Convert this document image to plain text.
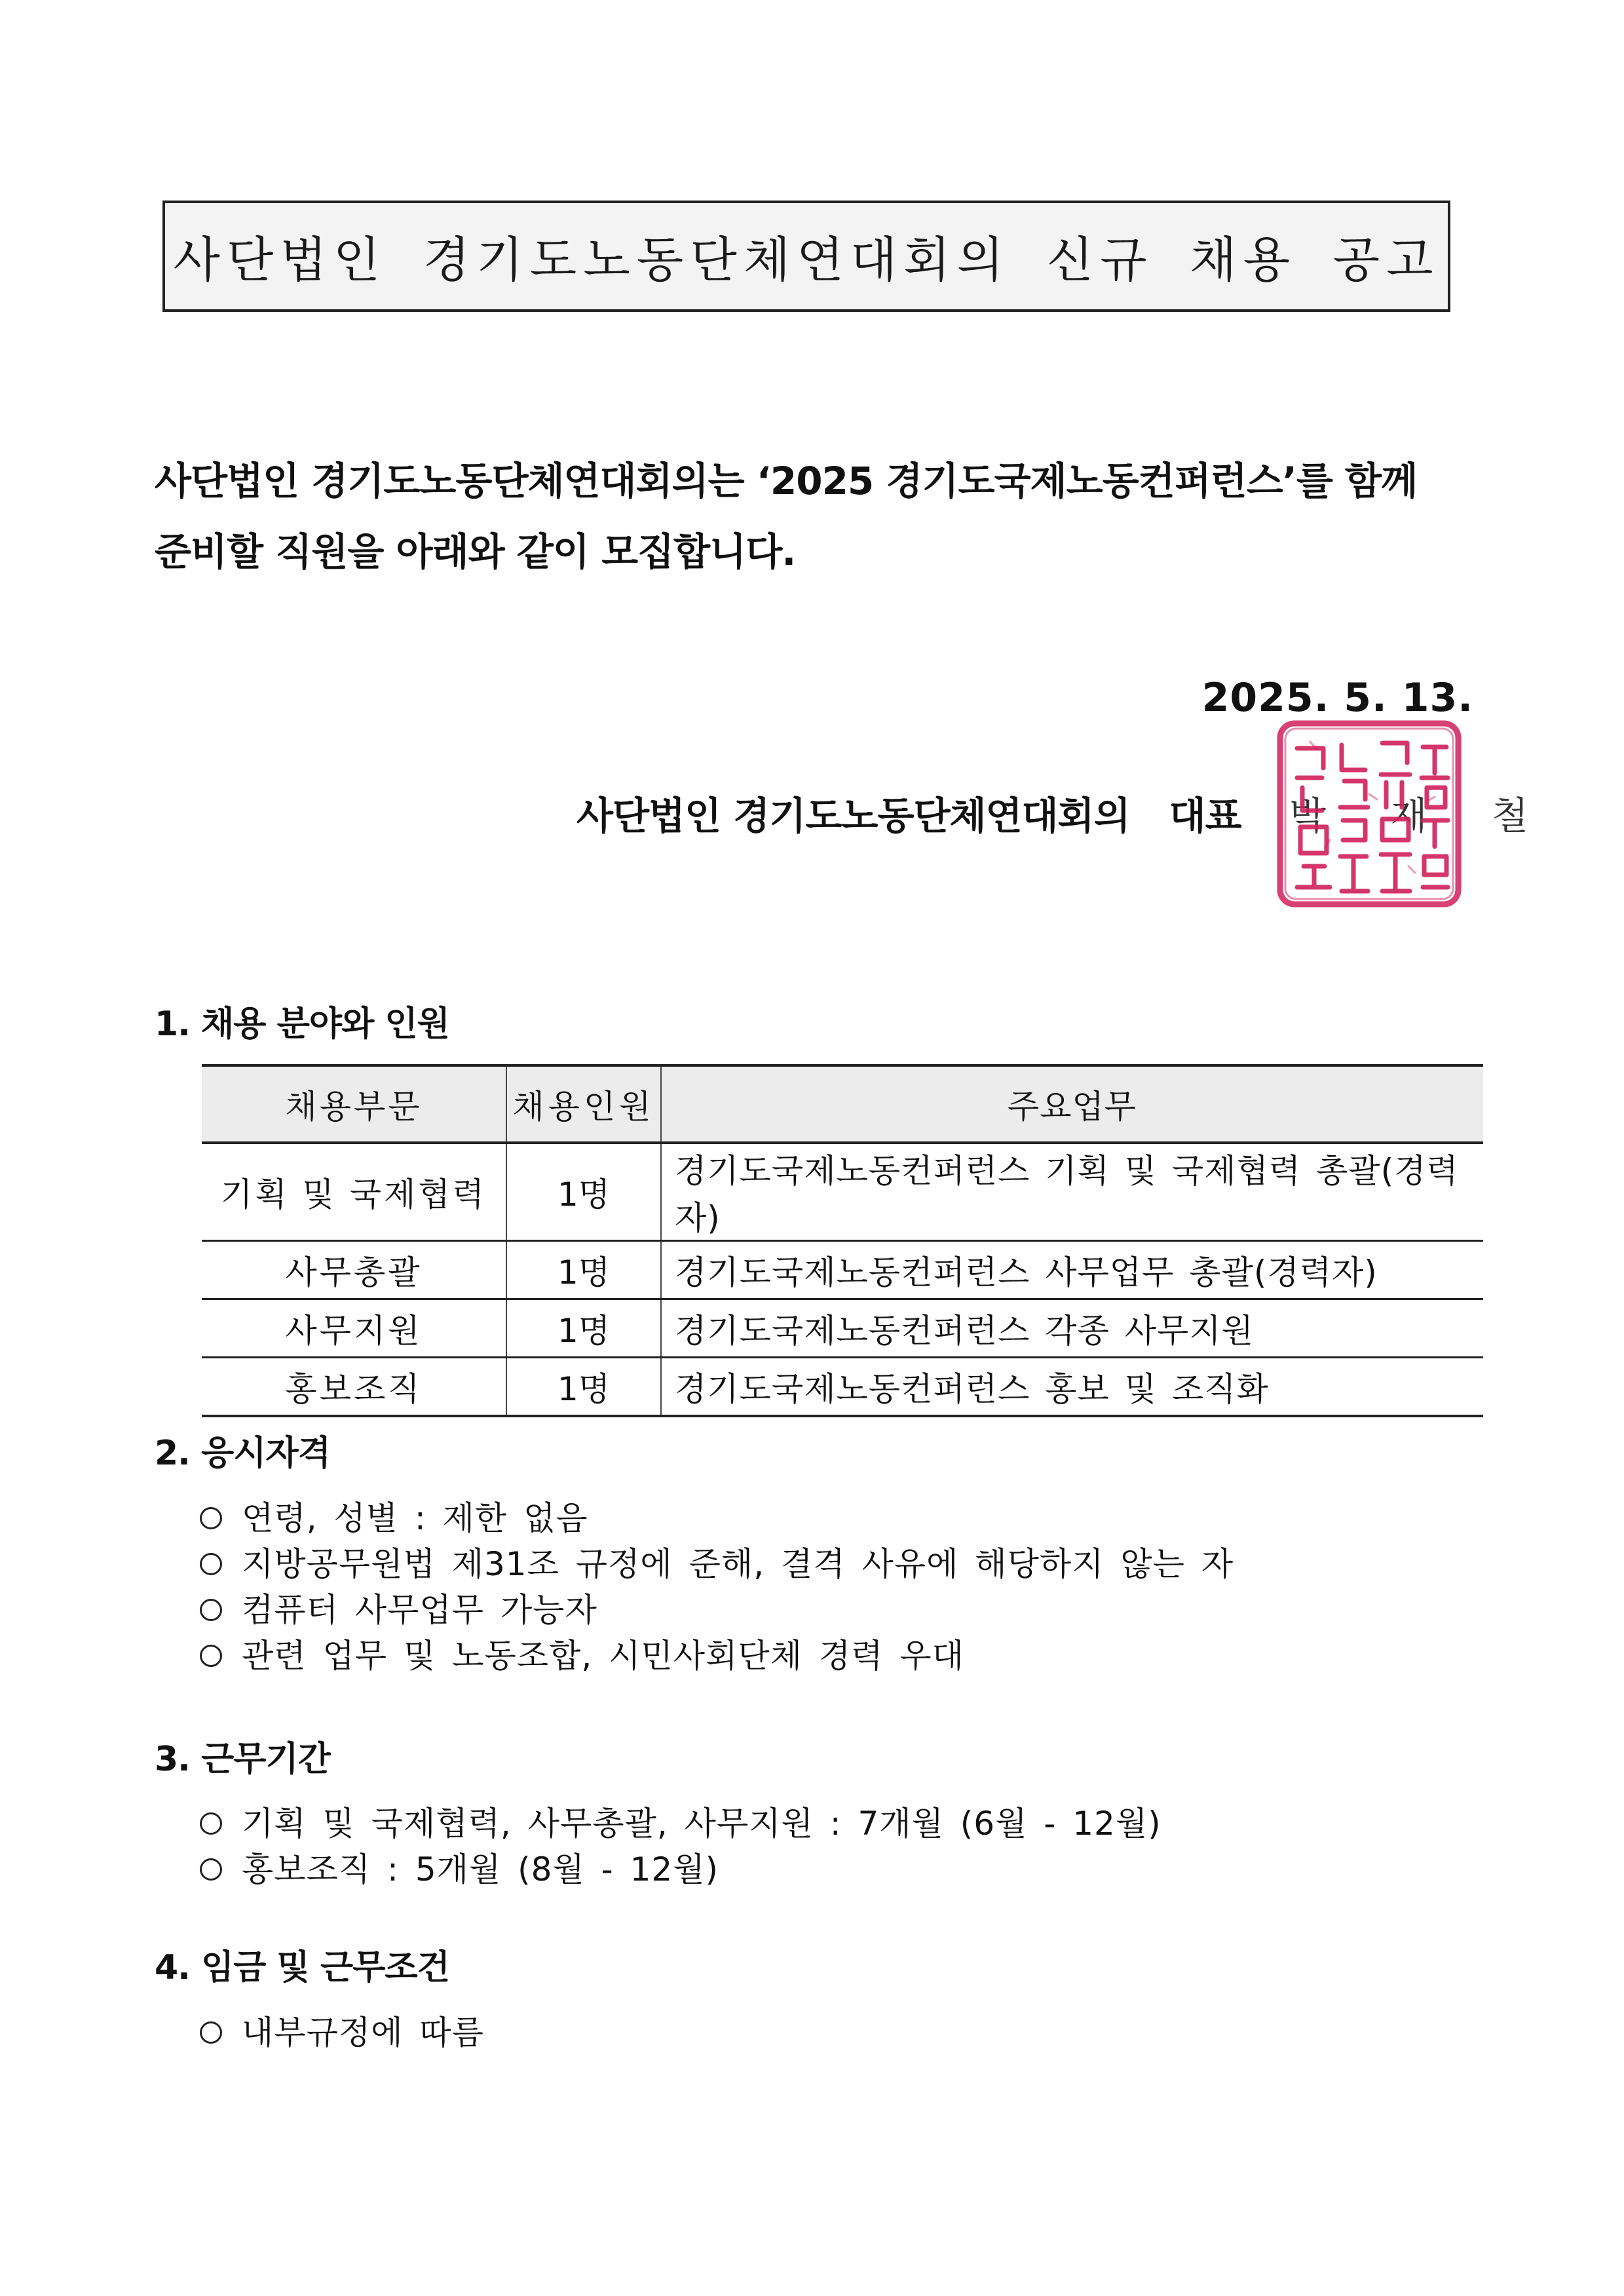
사단법인 경기도노동단체연대회의 신규 채용 공고

사단법인 경기도노동단체연대회의는 ‘2025 경기도국제노동컨퍼런스’를 함께

준비할 직원을 아래와 같이 모집합니다.

2025. 5. 13.
사단법인 경기도노동단체연대회의 대표 박 재 철
1. 채용 분야와 인원
채용부문	채용인원	주요업무
기획 및 국제협력	1명	경기도국제노동컨퍼런스 기획 및 국제협력 총괄(경력자)
사무총괄	1명	경기도국제노동컨퍼런스 사무업무 총괄(경력자)
사무지원	1명	경기도국제노동컨퍼런스 각종 사무지원
홍보조직	1명	경기도국제노동컨퍼런스 홍보 및 조직화
2. 응시자격
연령, 성별 : 제한 없음
지방공무원법 제31조 규정에 준해, 결격 사유에 해당하지 않는 자
컴퓨터 사무업무 가능자
관련 업무 및 노동조합, 시민사회단체 경력 우대
3. 근무기간
기획 및 국제협력, 사무총괄, 사무지원 : 7개월 (6월 - 12월)
홍보조직 : 5개월 (8월 - 12월)
4. 임금 및 근무조건
내부규정에 따름
